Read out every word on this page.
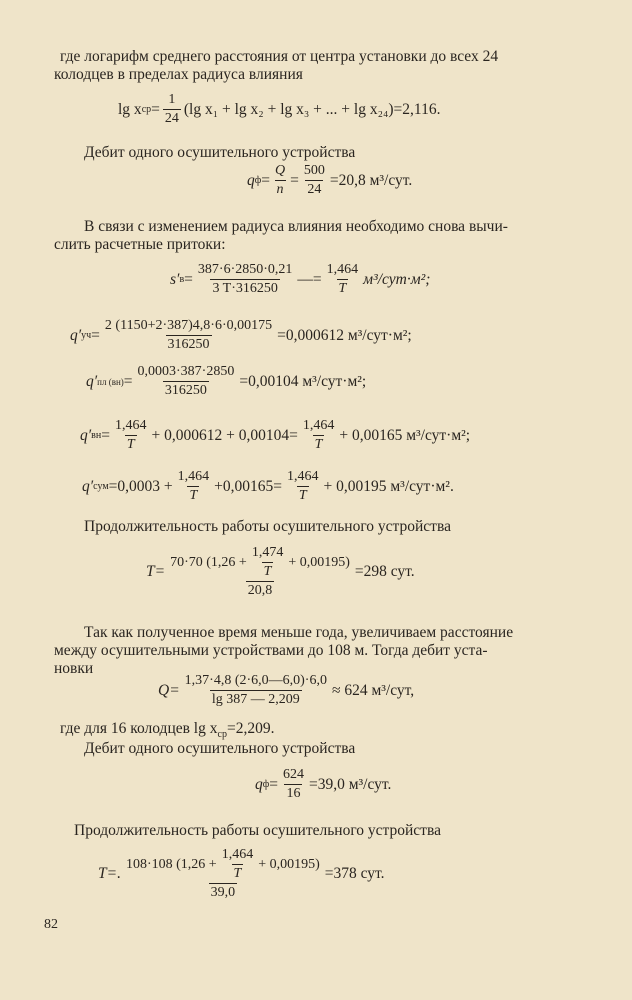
где логарифм среднего расстояния от центра установки до всех 24
колодцев в пределах радиуса влияния
lg x ср = $\frac{1}{24} (\lg$ x₁ + lg x₂ + lg x₃ + ... + lg x₂₄)=2,116.
Дебит одного осушительного устройства
q $ф = \frac{Q}{n} = \frac{500}{24} =20,8$ м³/сут.
В связи с изменением радиуса влияния необходимо снова вычи-
слить расчетные притоки:
s′ $в = \frac{387\cdot 6\cdot 2850\cdot 0,21}{3 T\cdot 316250}$ —= $\frac{1,464}{T} м^3/сут\cdot м^2$;
q′ уч = $\frac{2 (1150+2\cdot 387)4,8\cdot 6\cdot 0,00175}{316250} =0,000612$ м³/сут·м²;
q′ пл $(вн) = \frac{0,0003\cdot 387\cdot 2850}{316250} =0,00104$ м³/сут·м²;
q′ вн = $\frac{1,464}{T} + 0,000612 + 0,00104= \frac{1,464}{T} + 0,00165$ м³/сут·м²;
q′ сум $=0,0003 + \frac{1,464}{T} +0,00165= \frac{1,464}{T} + 0,00195$ м³/сут·м².
Продолжительность работы осушительного устройства
$T= \frac{70\cdot 70 (1,26 + \frac{1,474}{T} + 0,00195)}{20,8} =298$ сут.
Так как полученное время меньше года, увеличиваем расстояние
между осушительными устройствами до 108 м. Тогда дебит уста-
новки
$Q= \frac{1,37\cdot 4,8 (2\cdot 6,0—6,0)\cdot 6,0}{\lg 387 — 2,209} \approx 624$ м³/сут,
где для 16 колодцев $\lg x_{ср}=2,209$.
Дебит одного осушительного устройства
q $ф = \frac{624}{16} =39,0$ м³/сут.
Продолжительность работы осушительного устройства
T=. $\frac{108\cdot 108 (1,26 + \frac{1,464}{T} + 0,00195)}{39,0} =378$ сут.
82
